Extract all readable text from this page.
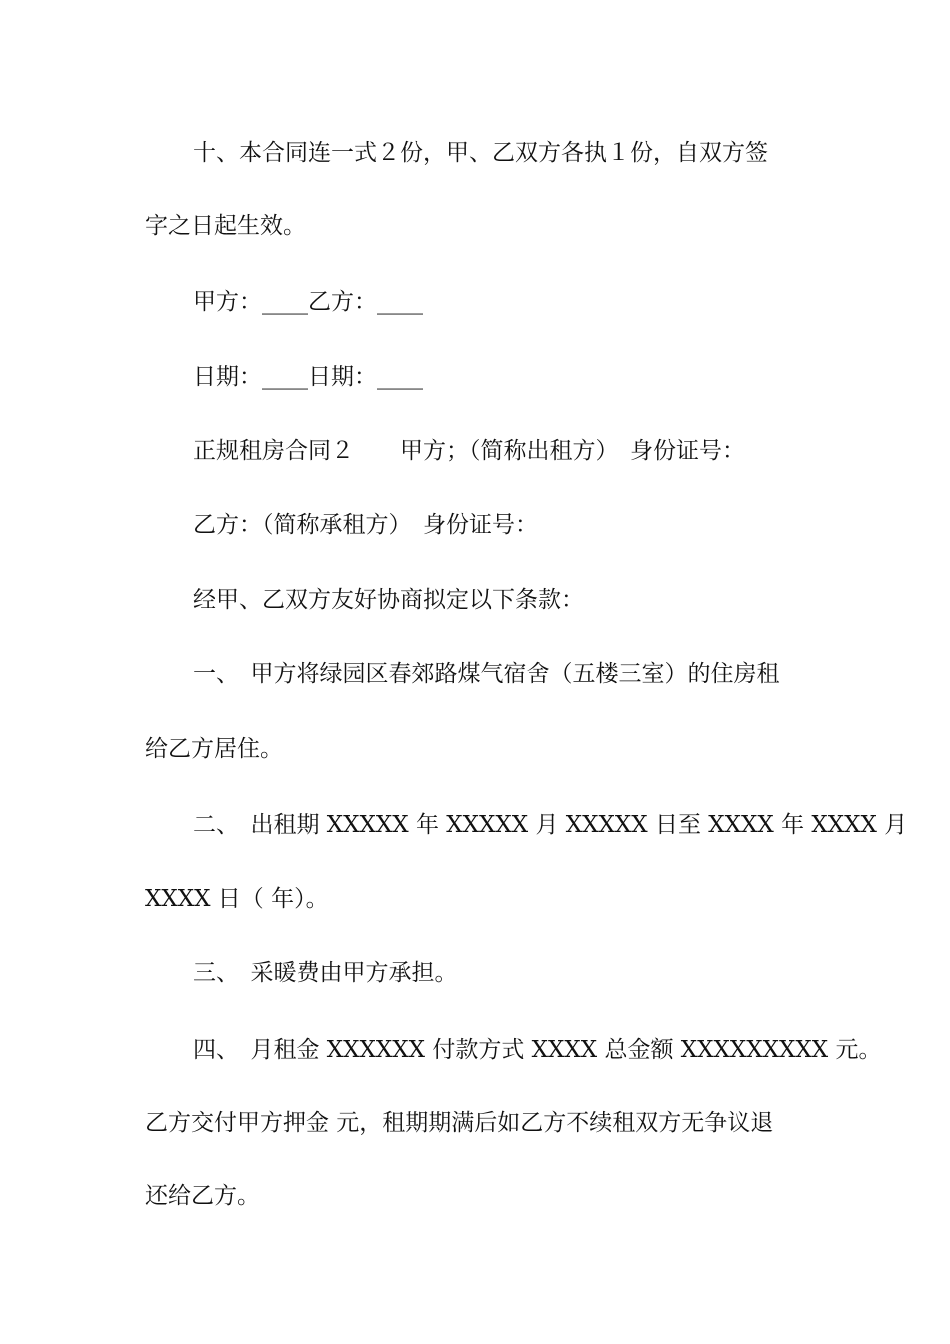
十、本合同连一式２份，甲、乙双方各执１份，自双方签
字之日起生效。
甲方：____乙方：____
日期：____日期：____
正规租房合同２　　甲方；（简称出租方）　身份证号：
乙方：（简称承租方）　身份证号：
经甲、乙双方友好协商拟定以下条款：
一、　甲方将绿园区春郊路煤气宿舍（五楼三室）的住房租
给乙方居住。
二、　出租期 XXXXX 年 XXXXX 月 XXXXX 日至 XXXX 年 XXXX 月
XXXX 日（ 年）。
三、　采暖费由甲方承担。
四、　月租金 XXXXXX 付款方式 XXXX 总金额 XXXXXXXXX 元。
乙方交付甲方押金 元，租期期满后如乙方不续租双方无争议退
还给乙方。
